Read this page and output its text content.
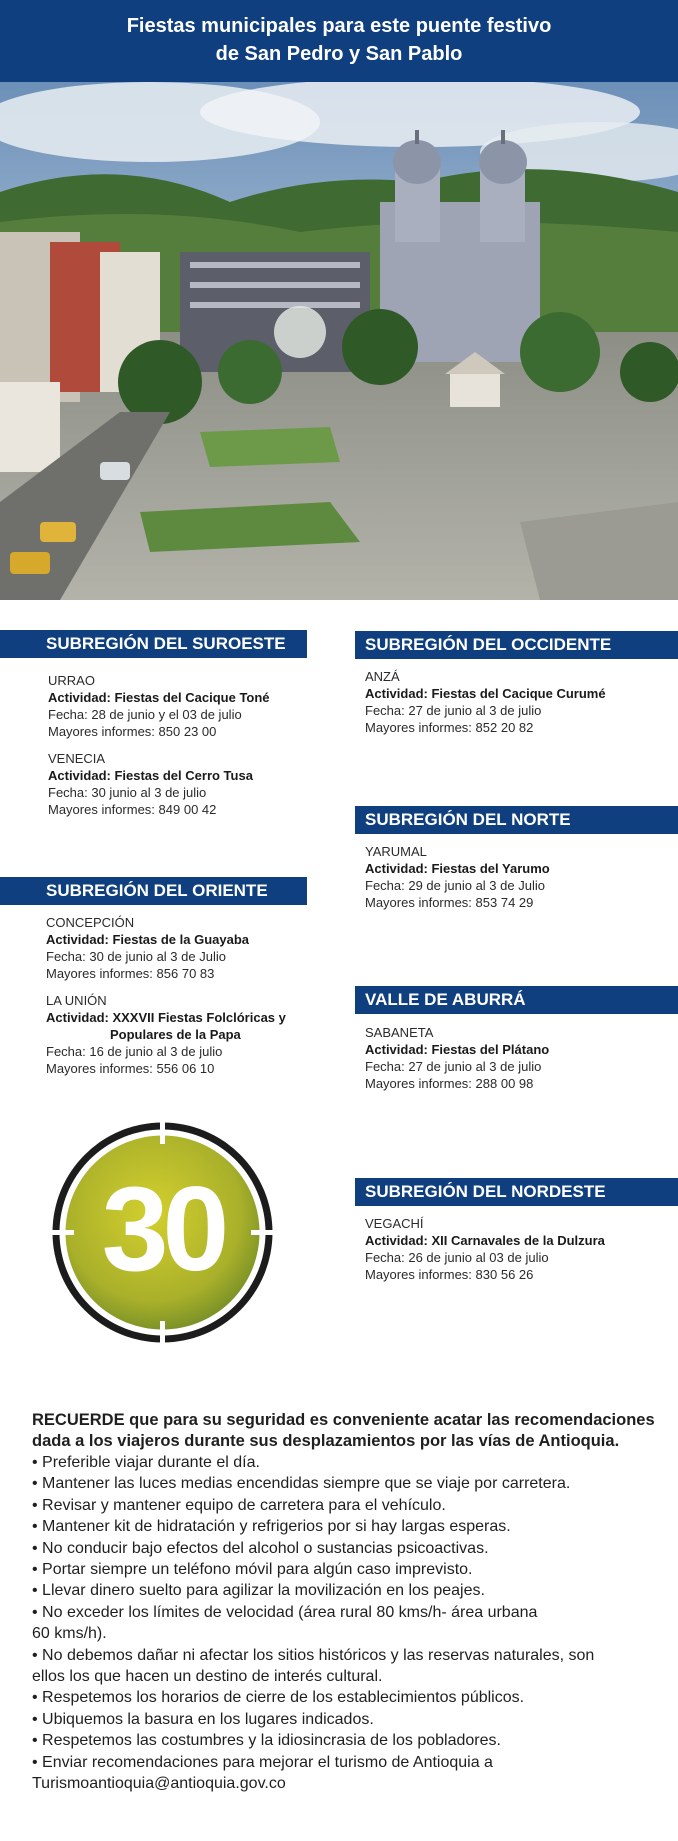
Fiestas municipales para este puente festivo
de San Pedro y San Pablo
SUBREGIÓN DEL SUROESTE
URRAO
Actividad: Fiestas del Cacique Toné
Fecha: 28 de junio y el 03 de julio
Mayores informes: 850 23 00
VENECIA
Actividad: Fiestas del Cerro Tusa
Fecha: 30 junio al 3 de julio
Mayores informes: 849 00 42
SUBREGIÓN DEL OCCIDENTE
ANZÁ
Actividad: Fiestas del Cacique Curumé
Fecha: 27 de junio al 3 de julio
Mayores informes: 852 20 82
SUBREGIÓN DEL NORTE
YARUMAL
Actividad: Fiestas del Yarumo
Fecha: 29 de junio al 3 de Julio
Mayores informes: 853 74 29
SUBREGIÓN DEL ORIENTE
CONCEPCIÓN
Actividad: Fiestas de la Guayaba
Fecha: 30 de junio al 3 de Julio
Mayores informes: 856 70 83
LA UNIÓN
Actividad: XXXVII Fiestas Folclóricas y
Populares de la Papa
Fecha: 16 de junio al 3 de julio
Mayores informes: 556 06 10
VALLE DE ABURRÁ
SABANETA
Actividad: Fiestas del Plátano
Fecha: 27 de junio al 3 de julio
Mayores informes: 288 00 98
30	SUBREGIÓN DEL NORDESTE
VEGACHÍ
Actividad: XII Carnavales de la Dulzura
Fecha: 26 de junio al 03 de julio
Mayores informes: 830 56 26
RECUERDE que para su seguridad es conveniente acatar las recomendaciones
dada a los viajeros durante sus desplazamientos por las vías de Antioquia.
• Preferible viajar durante el día.
• Mantener las luces medias encendidas siempre que se viaje por carretera.
• Revisar y mantener equipo de carretera para el vehículo.
• Mantener kit de hidratación y refrigerios por si hay largas esperas.
• No conducir bajo efectos del alcohol o sustancias psicoactivas.
• Portar siempre un teléfono móvil para algún caso imprevisto.
• Llevar dinero suelto para agilizar la movilización en los peajes.
• No exceder los límites de velocidad (área rural 80 kms/h- área urbana
60 kms/h).
• No debemos dañar ni afectar los sitios históricos y las reservas naturales, son
ellos los que hacen un destino de interés cultural.
• Respetemos los horarios de cierre de los establecimientos públicos.
• Ubiquemos la basura en los lugares indicados.
• Respetemos las costumbres y la idiosincrasia de los pobladores.
• Enviar recomendaciones para mejorar el turismo de Antioquia a
Turismoantioquia@antioquia.gov.co
